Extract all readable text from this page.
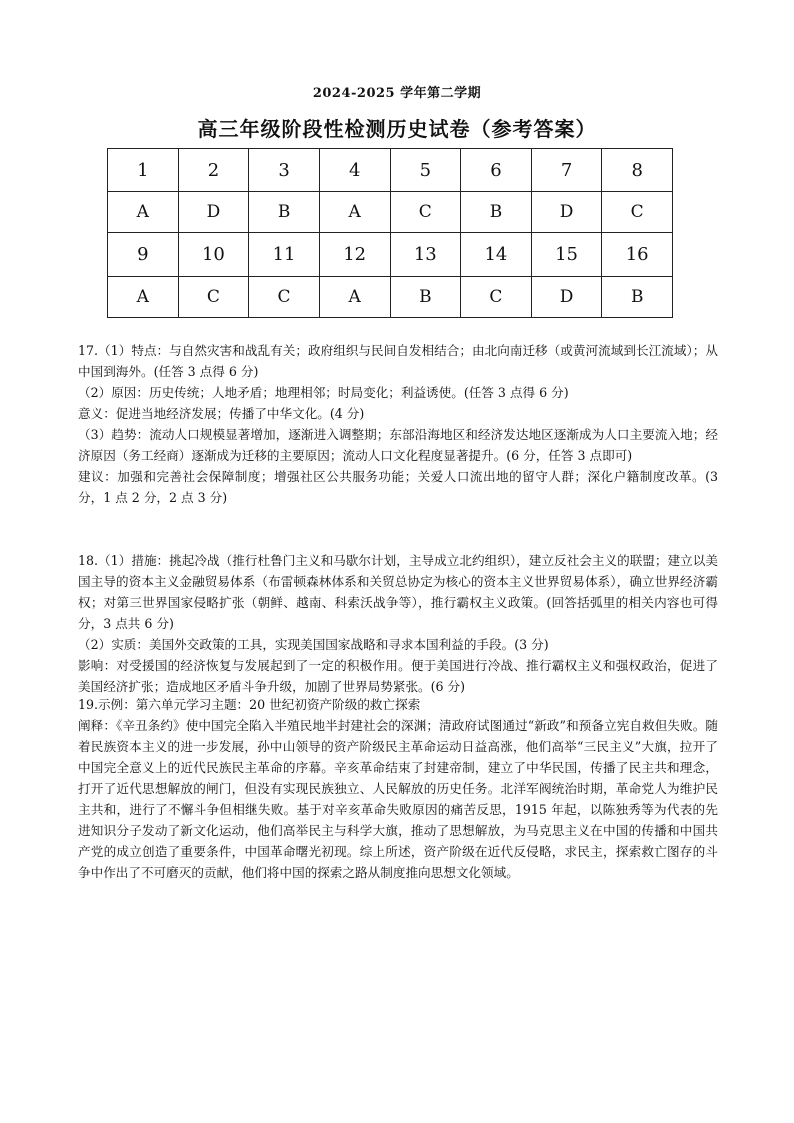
2024-2025 学年第二学期
高三年级阶段性检测历史试卷（参考答案）
1	2	3	4	5	6	7	8
A	D	B	A	C	B	D	C
9	10	11	12	13	14	15	16
A	C	C	A	B	C	D	B

17.（1）特点：与自然灾害和战乱有关；政府组织与民间自发相结合；由北向南迁移（或黄河流域到长江流域）；从中国到海外。(任答 3 点得 6 分)

（2）原因：历史传统；人地矛盾；地理相邻；时局变化；利益诱使。(任答 3 点得 6 分)

意义：促进当地经济发展；传播了中华文化。(4 分)

（3）趋势：流动人口规模显著增加，逐渐进入调整期；东部沿海地区和经济发达地区逐渐成为人口主要流入地；经济原因（务工经商）逐渐成为迁移的主要原因；流动人口文化程度显著提升。(6 分，任答 3 点即可)

建议：加强和完善社会保障制度；增强社区公共服务功能；关爱人口流出地的留守人群；深化户籍制度改革。(3 分，1 点 2 分，2 点 3 分)

18.（1）措施：挑起冷战（推行杜鲁门主义和马歇尔计划，主导成立北约组织），建立反社会主义的联盟；建立以美国主导的资本主义金融贸易体系（布雷顿森林体系和关贸总协定为核心的资本主义世界贸易体系），确立世界经济霸权；对第三世界国家侵略扩张（朝鲜、越南、科索沃战争等），推行霸权主义政策。(回答括弧里的相关内容也可得分，3 点共 6 分)

（2）实质：美国外交政策的工具，实现美国国家战略和寻求本国利益的手段。(3 分)

影响：对受援国的经济恢复与发展起到了一定的积极作用。便于美国进行冷战、推行霸权主义和强权政治，促进了美国经济扩张；造成地区矛盾斗争升级，加剧了世界局势紧张。(6 分)

19.示例：第六单元学习主题：20 世纪初资产阶级的救亡探索

阐释：《辛丑条约》使中国完全陷入半殖民地半封建社会的深渊；清政府试图通过“新政”和预备立宪自救但失败。随着民族资本主义的进一步发展，孙中山领导的资产阶级民主革命运动日益高涨，他们高举“三民主义”大旗，拉开了中国完全意义上的近代民族民主革命的序幕。辛亥革命结束了封建帝制，建立了中华民国，传播了民主共和理念，打开了近代思想解放的闸门，但没有实现民族独立、人民解放的历史任务。北洋军阀统治时期，革命党人为维护民主共和，进行了不懈斗争但相继失败。基于对辛亥革命失败原因的痛苦反思，1915 年起，以陈独秀等为代表的先进知识分子发动了新文化运动，他们高举民主与科学大旗，推动了思想解放，为马克思主义在中国的传播和中国共产党的成立创造了重要条件，中国革命曙光初现。综上所述，资产阶级在近代反侵略，求民主，探索救亡图存的斗争中作出了不可磨灭的贡献，他们将中国的探索之路从制度推向思想文化领域。
